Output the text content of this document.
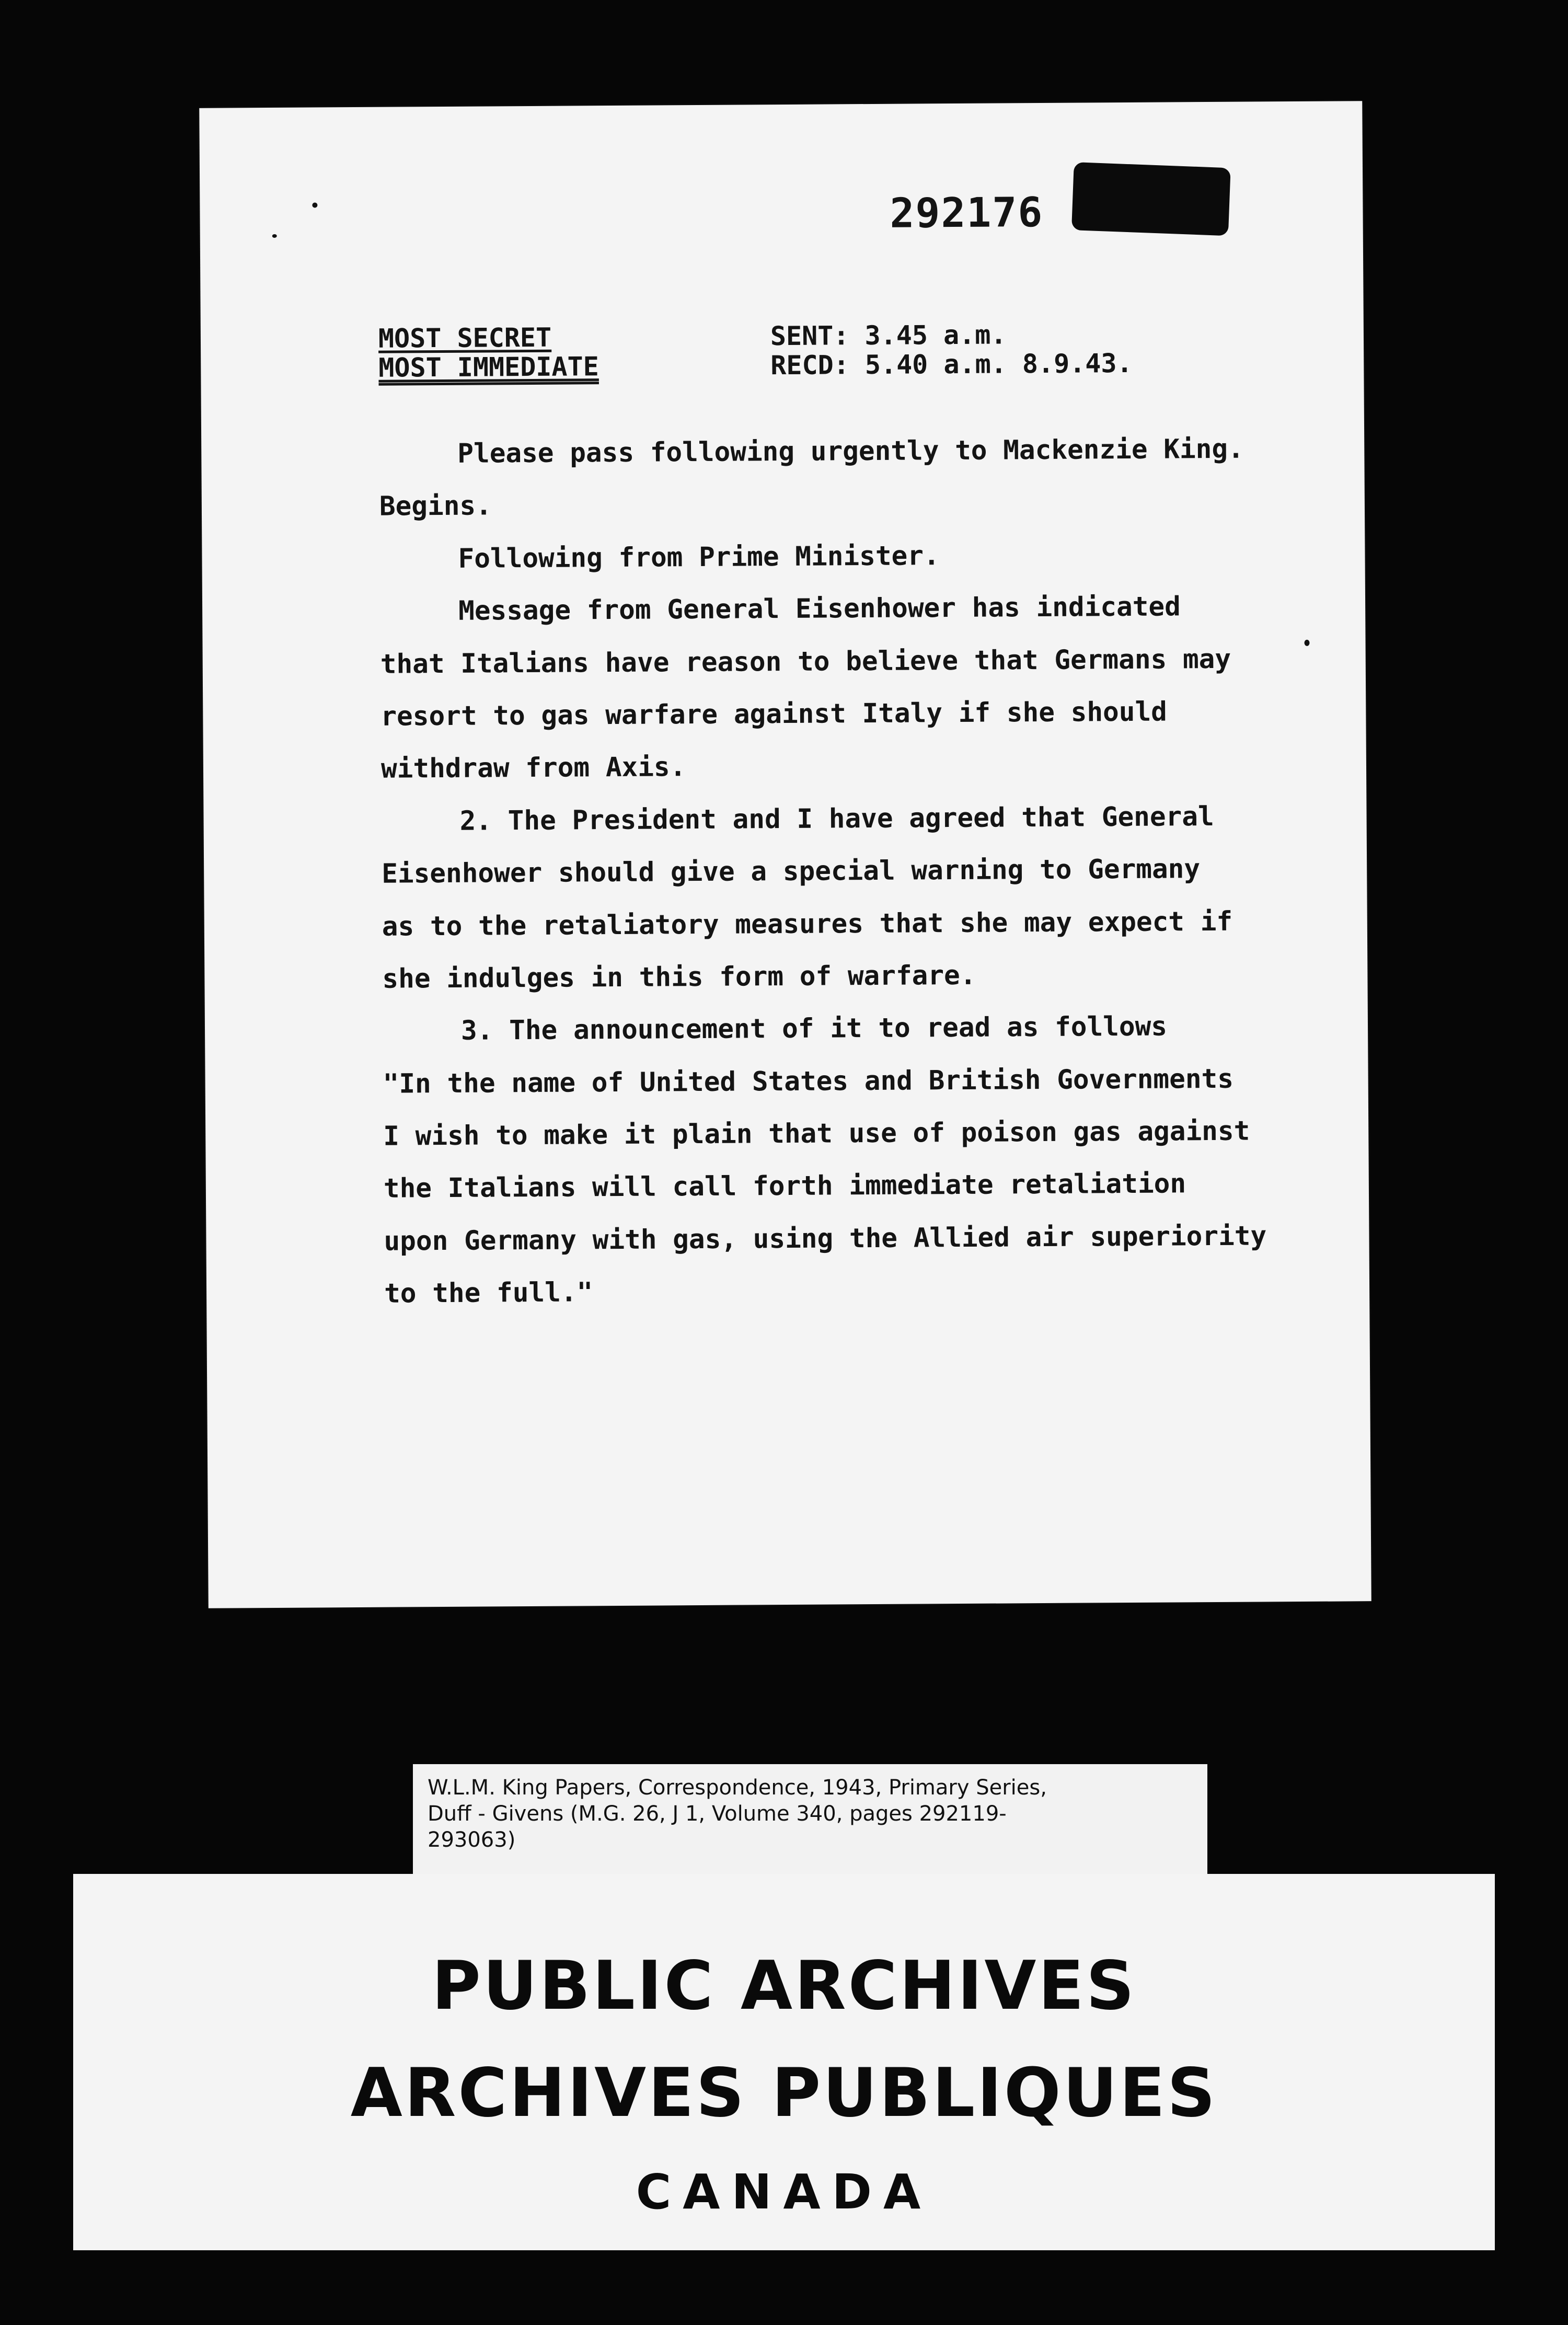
292176
MOST SECRET
MOST IMMEDIATE
SENT: 3.45 a.m.
RECD: 5.40 a.m. 8.9.43.
Please pass following urgently to Mackenzie King.
Begins.
Following from Prime Minister.
Message from General Eisenhower has indicated
that Italians have reason to believe that Germans may
resort to gas warfare against Italy if she should
withdraw from Axis.
2. The President and I have agreed that General
Eisenhower should give a special warning to Germany
as to the retaliatory measures that she may expect if
she indulges in this form of warfare.
3. The announcement of it to read as follows
"In the name of United States and British Governments
I wish to make it plain that use of poison gas against
the Italians will call forth immediate retaliation
upon Germany with gas, using the Allied air superiority
to the full."
W.L.M. King Papers, Correspondence, 1943, Primary Series,
Duff - Givens (M.G. 26, J 1, Volume 340, pages 292119-
293063)
PUBLIC ARCHIVES
ARCHIVES PUBLIQUES
CANADA
